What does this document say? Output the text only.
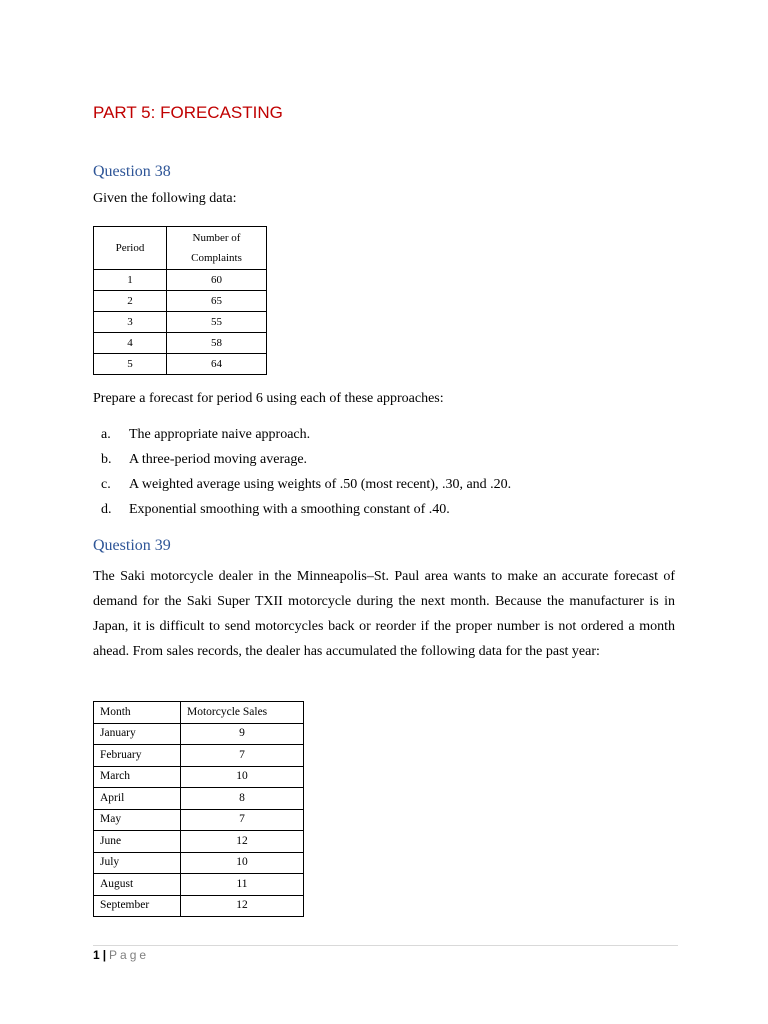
PART 5: FORECASTING
Question 38

Given the following data:

Period	Number of
Complaints
1	60
2	65
3	55
4	58
5	64

Prepare a forecast for period 6 using each of these approaches:

a.	The appropriate naive approach.
b.	A three-period moving average.
c.	A weighted average using weights of .50 (most recent), .30, and .20.
d.	Exponential smoothing with a smoothing constant of .40.
Question 39

The Saki motorcycle dealer in the Minneapolis–St. Paul area wants to make an accurate forecast of demand for the Saki Super TXII motorcycle during the next month. Because the manufacturer is in Japan, it is difficult to send motorcycles back or reorder if the proper number is not ordered a month ahead. From sales records, the dealer has accumulated the following data for the past year:

Month	Motorcycle Sales
January	9
February	7
March	10
April	8
May	7
June	12
July	10
August	11
September	12

1 | Page
